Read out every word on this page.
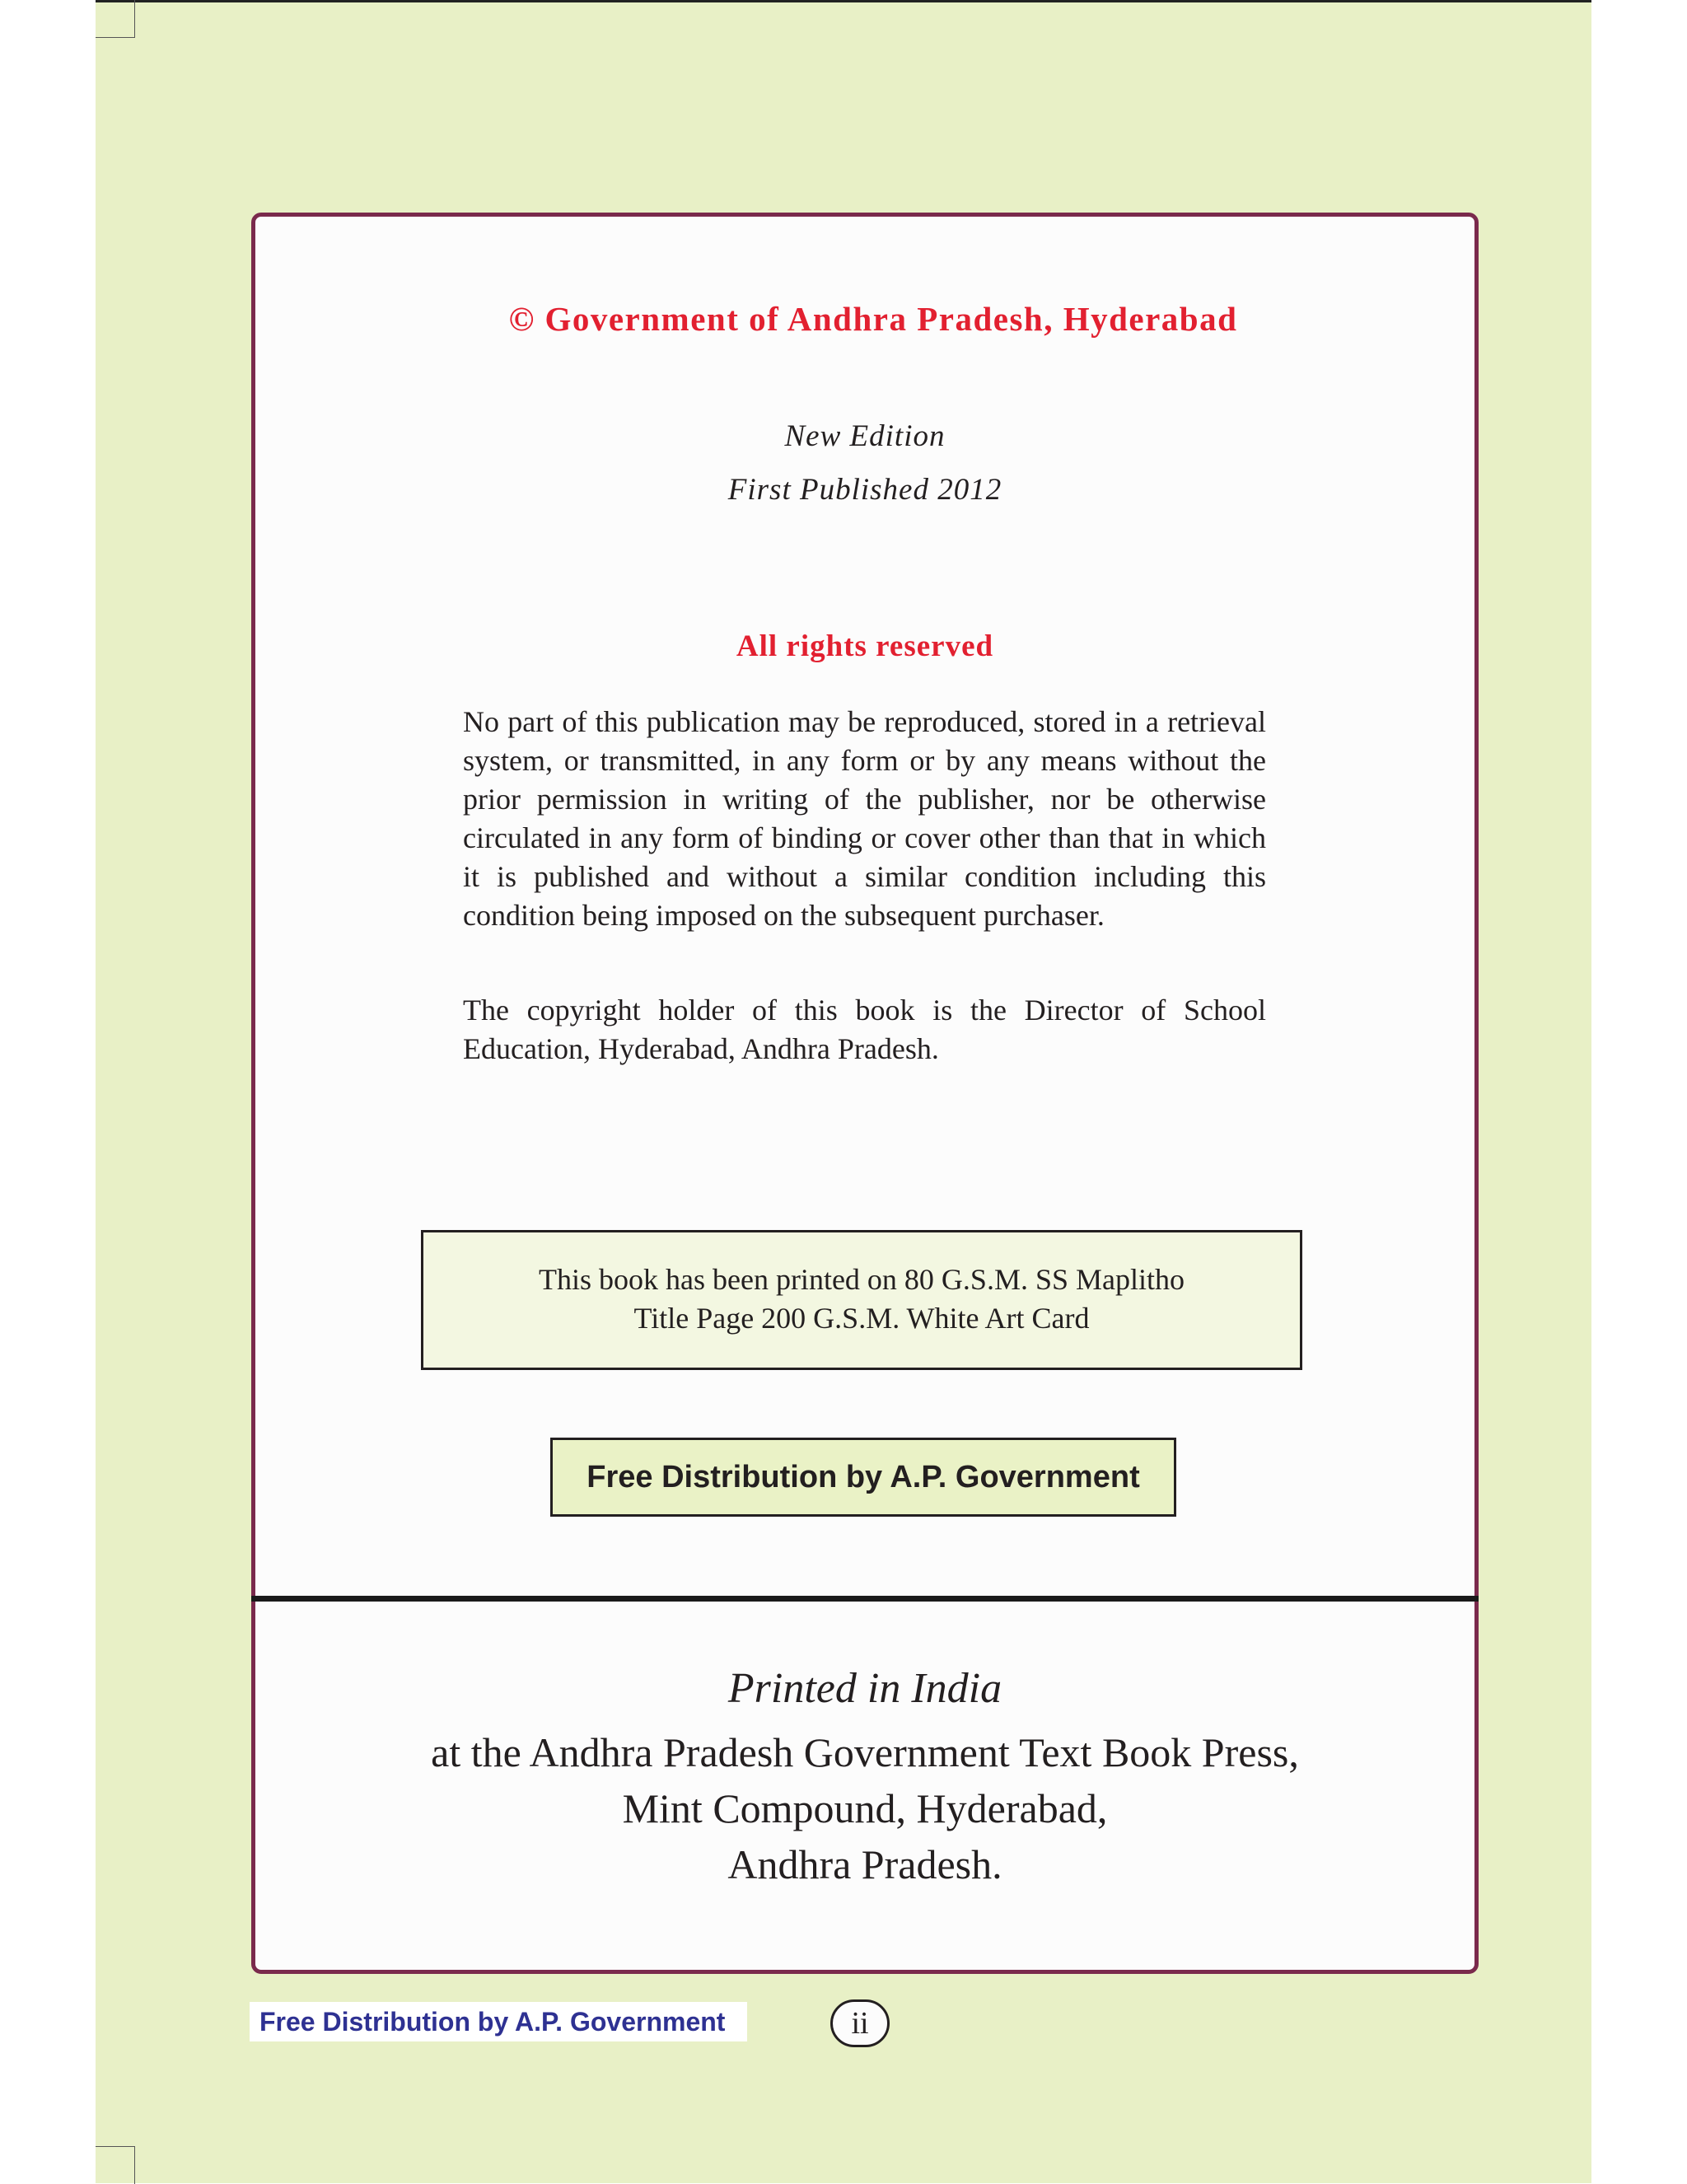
© Government of Andhra Pradesh, Hyderabad
New Edition
First Published 2012
All rights reserved

No part of this publication may be reproduced, stored in a retrieval system, or transmitted, in any form or by any means without the prior permission in writing of the publisher, nor be otherwise circulated in any form of binding or cover other than that in which it is published and without a similar condition including this condition being imposed on the subsequent purchaser.

The copyright holder of this book is the Director of School Education, Hyderabad, Andhra Pradesh.

This book has been printed on 80 G.S.M. SS Maplitho
Title Page 200 G.S.M. White Art Card
Free Distribution by A.P. Government
Printed in India
at the Andhra Pradesh Government Text Book Press,
Mint Compound, Hyderabad,
Andhra Pradesh.
Free Distribution by A.P. Government	ii
